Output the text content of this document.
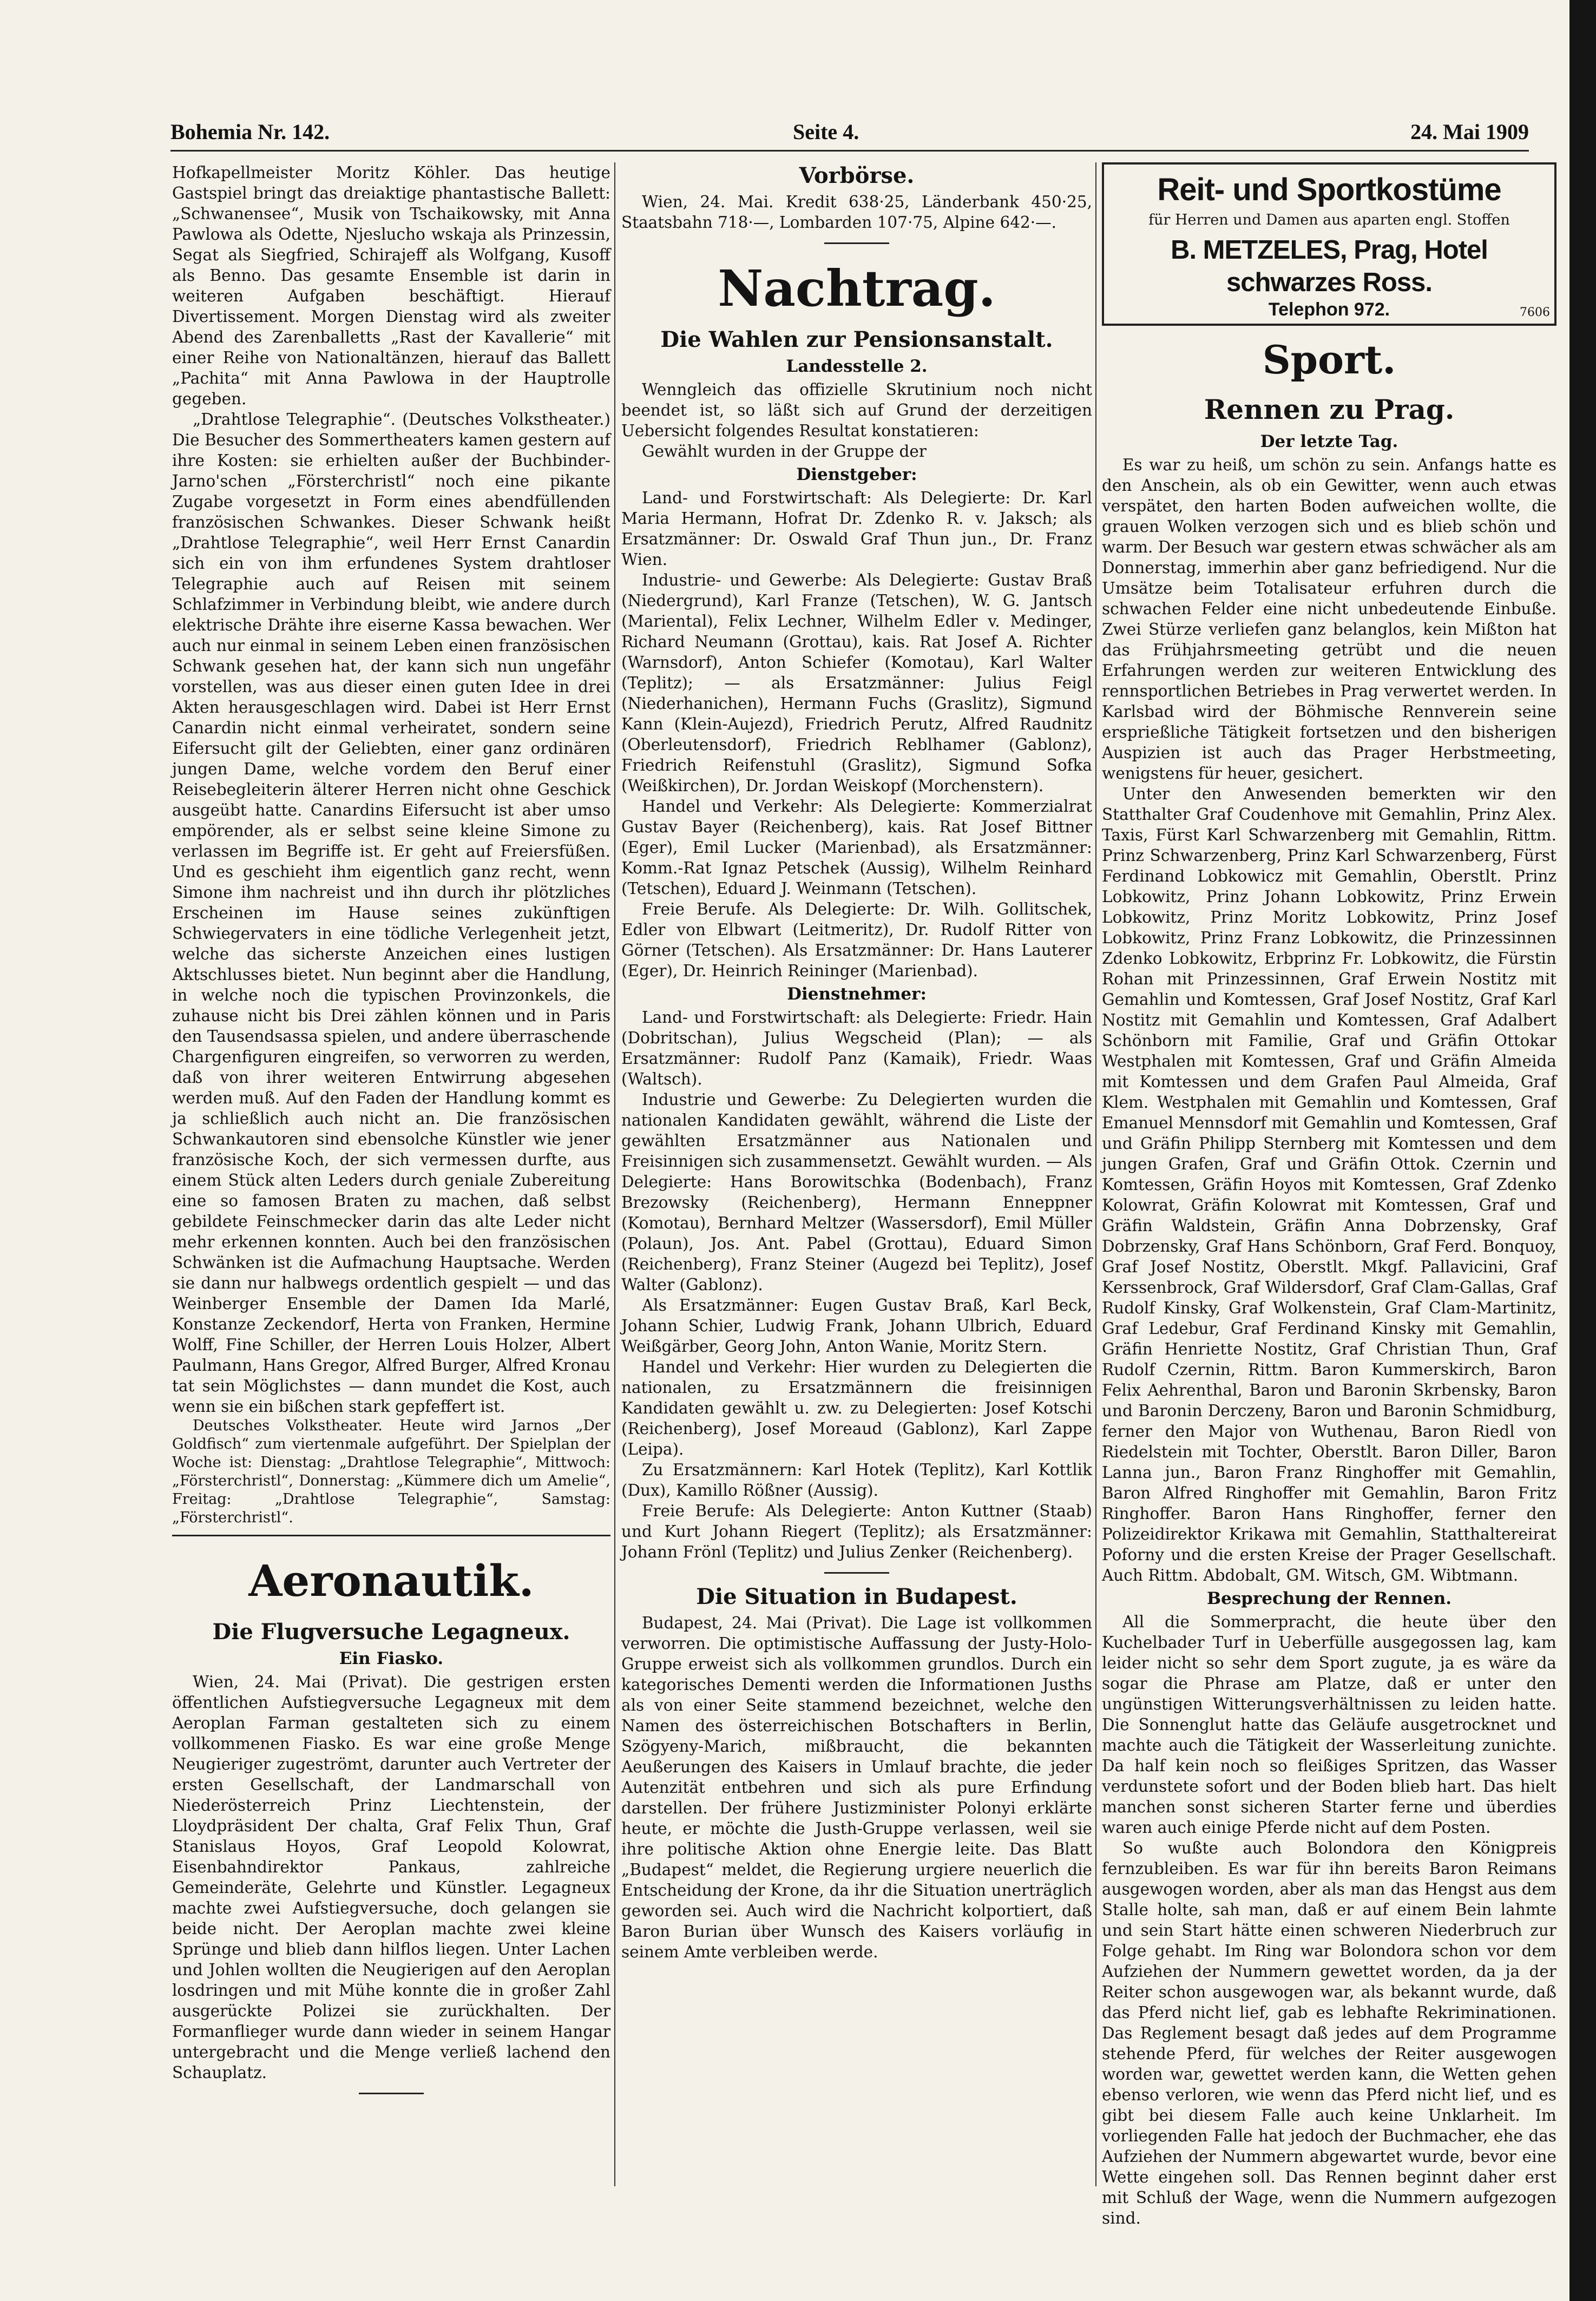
Bohemia Nr. 142.	Seite 4.	24. Mai 1909

Hofkapellmeister Moritz Köhler. Das heutige Gastspiel bringt das dreiaktige phantastische Ballett: „Schwanensee“, Musik von Tschaikowsky, mit Anna Pawlowa als Odette, Njeslucho wskaja als Prinzessin, Segat als Siegfried, Schirajeff als Wolfgang, Kusoff als Benno. Das gesamte Ensemble ist darin in weiteren Aufgaben beschäftigt. Hierauf Divertissement. Morgen Dienstag wird als zweiter Abend des Zarenballetts „Rast der Kavallerie“ mit einer Reihe von Nationaltänzen, hierauf das Ballett „Pachita“ mit Anna Pawlowa in der Hauptrolle gegeben.

„Drahtlose Telegraphie“. (Deutsches Volkstheater.) Die Besucher des Sommertheaters kamen gestern auf ihre Kosten: sie erhielten außer der Buchbinder-Jarno'schen „Försterchristl“ noch eine pikante Zugabe vorgesetzt in Form eines abendfüllenden französischen Schwankes. Dieser Schwank heißt „Drahtlose Telegraphie“, weil Herr Ernst Canardin sich ein von ihm erfundenes System drahtloser Telegraphie auch auf Reisen mit seinem Schlafzimmer in Verbindung bleibt, wie andere durch elektrische Drähte ihre eiserne Kassa bewachen. Wer auch nur einmal in seinem Leben einen französischen Schwank gesehen hat, der kann sich nun ungefähr vorstellen, was aus dieser einen guten Idee in drei Akten herausgeschlagen wird. Dabei ist Herr Ernst Canardin nicht einmal verheiratet, sondern seine Eifersucht gilt der Geliebten, einer ganz ordinären jungen Dame, welche vordem den Beruf einer Reisebegleiterin älterer Herren nicht ohne Geschick ausgeübt hatte. Canardins Eifersucht ist aber umso empörender, als er selbst seine kleine Simone zu verlassen im Begriffe ist. Er geht auf Freiersfüßen. Und es geschieht ihm eigentlich ganz recht, wenn Simone ihm nachreist und ihn durch ihr plötzliches Erscheinen im Hause seines zukünftigen Schwiegervaters in eine tödliche Verlegenheit jetzt, welche das sicherste Anzeichen eines lustigen Aktschlusses bietet. Nun beginnt aber die Handlung, in welche noch die typischen Provinzonkels, die zuhause nicht bis Drei zählen können und in Paris den Tausendsassa spielen, und andere überraschende Chargenfiguren eingreifen, so verworren zu werden, daß von ihrer weiteren Entwirrung abgesehen werden muß. Auf den Faden der Handlung kommt es ja schließlich auch nicht an. Die französischen Schwankautoren sind ebensolche Künstler wie jener französische Koch, der sich vermessen durfte, aus einem Stück alten Leders durch geniale Zubereitung eine so famosen Braten zu machen, daß selbst gebildete Feinschmecker darin das alte Leder nicht mehr erkennen konnten. Auch bei den französischen Schwänken ist die Aufmachung Hauptsache. Werden sie dann nur halbwegs ordentlich gespielt — und das Weinberger Ensemble der Damen Ida Marlé, Konstanze Zeckendorf, Herta von Franken, Hermine Wolff, Fine Schiller, der Herren Louis Holzer, Albert Paulmann, Hans Gregor, Alfred Burger, Alfred Kronau tat sein Möglichstes — dann mundet die Kost, auch wenn sie ein bißchen stark gepfeffert ist.

Deutsches Volkstheater. Heute wird Jarnos „Der Goldfisch“ zum viertenmale aufgeführt. Der Spielplan der Woche ist: Dienstag: „Drahtlose Telegraphie“, Mittwoch: „Försterchristl“, Donnerstag: „Kümmere dich um Amelie“, Freitag: „Drahtlose Telegraphie“, Samstag: „Försterchristl“.

Aeronautik.
Die Flugversuche Legagneux.
Ein Fiasko.

Wien, 24. Mai (Privat). Die gestrigen ersten öffentlichen Aufstiegversuche Legagneux mit dem Aeroplan Farman gestalteten sich zu einem vollkommenen Fiasko. Es war eine große Menge Neugieriger zugeströmt, darunter auch Vertreter der ersten Gesellschaft, der Landmarschall von Niederösterreich Prinz Liechtenstein, der Lloydpräsident Der chalta, Graf Felix Thun, Graf Stanislaus Hoyos, Graf Leopold Kolowrat, Eisenbahndirektor Pankaus, zahlreiche Gemeinderäte, Gelehrte und Künstler. Legagneux machte zwei Aufstiegversuche, doch gelangen sie beide nicht. Der Aeroplan machte zwei kleine Sprünge und blieb dann hilflos liegen. Unter Lachen und Johlen wollten die Neugierigen auf den Aeroplan losdringen und mit Mühe konnte die in großer Zahl ausgerückte Polizei sie zurückhalten. Der Formanflieger wurde dann wieder in seinem Hangar untergebracht und die Menge verließ lachend den Schauplatz.

Vorbörse.

Wien, 24. Mai. Kredit 638·25, Länderbank 450·25, Staatsbahn 718·—, Lombarden 107·75, Alpine 642·—.

Nachtrag.
Die Wahlen zur Pensionsanstalt.
Landesstelle 2.

Wenngleich das offizielle Skrutinium noch nicht beendet ist, so läßt sich auf Grund der derzeitigen Uebersicht folgendes Resultat konstatieren:

Gewählt wurden in der Gruppe der

Dienstgeber:

Land- und Forstwirtschaft: Als Delegierte: Dr. Karl Maria Hermann, Hofrat Dr. Zdenko R. v. Jaksch; als Ersatzmänner: Dr. Oswald Graf Thun jun., Dr. Franz Wien.

Industrie- und Gewerbe: Als Delegierte: Gustav Braß (Niedergrund), Karl Franze (Tetschen), W. G. Jantsch (Mariental), Felix Lechner, Wilhelm Edler v. Medinger, Richard Neumann (Grottau), kais. Rat Josef A. Richter (Warnsdorf), Anton Schiefer (Komotau), Karl Walter (Teplitz); — als Ersatzmänner: Julius Feigl (Niederhanichen), Hermann Fuchs (Graslitz), Sigmund Kann (Klein-Aujezd), Friedrich Perutz, Alfred Raudnitz (Oberleutensdorf), Friedrich Reblhamer (Gablonz), Friedrich Reifenstuhl (Graslitz), Sigmund Sofka (Weißkirchen), Dr. Jordan Weiskopf (Morchenstern).

Handel und Verkehr: Als Delegierte: Kommerzialrat Gustav Bayer (Reichenberg), kais. Rat Josef Bittner (Eger), Emil Lucker (Marienbad), als Ersatzmänner: Komm.-Rat Ignaz Petschek (Aussig), Wilhelm Reinhard (Tetschen), Eduard J. Weinmann (Tetschen).

Freie Berufe. Als Delegierte: Dr. Wilh. Gollitschek, Edler von Elbwart (Leitmeritz), Dr. Rudolf Ritter von Görner (Tetschen). Als Ersatzmänner: Dr. Hans Lauterer (Eger), Dr. Heinrich Reininger (Marienbad).

Dienstnehmer:

Land- und Forstwirtschaft: als Delegierte: Friedr. Hain (Dobritschan), Julius Wegscheid (Plan); — als Ersatzmänner: Rudolf Panz (Kamaik), Friedr. Waas (Waltsch).

Industrie und Gewerbe: Zu Delegierten wurden die nationalen Kandidaten gewählt, während die Liste der gewählten Ersatzmänner aus Nationalen und Freisinnigen sich zusammensetzt. Gewählt wurden. — Als Delegierte: Hans Borowitschka (Bodenbach), Franz Brezowsky (Reichenberg), Hermann Enneppner (Komotau), Bernhard Meltzer (Wassersdorf), Emil Müller (Polaun), Jos. Ant. Pabel (Grottau), Eduard Simon (Reichenberg), Franz Steiner (Augezd bei Teplitz), Josef Walter (Gablonz).

Als Ersatzmänner: Eugen Gustav Braß, Karl Beck, Johann Schier, Ludwig Frank, Johann Ulbrich, Eduard Weißgärber, Georg John, Anton Wanie, Moritz Stern.

Handel und Verkehr: Hier wurden zu Delegierten die nationalen, zu Ersatzmännern die freisinnigen Kandidaten gewählt u. zw. zu Delegierten: Josef Kotschi (Reichenberg), Josef Moreaud (Gablonz), Karl Zappe (Leipa).

Zu Ersatzmännern: Karl Hotek (Teplitz), Karl Kottlik (Dux), Kamillo Rößner (Aussig).

Freie Berufe: Als Delegierte: Anton Kuttner (Staab) und Kurt Johann Riegert (Teplitz); als Ersatzmänner: Johann Frönl (Teplitz) und Julius Zenker (Reichenberg).

Die Situation in Budapest.

Budapest, 24. Mai (Privat). Die Lage ist vollkommen verworren. Die optimistische Auffassung der Justy-Holo-Gruppe erweist sich als vollkommen grundlos. Durch ein kategorisches Dementi werden die Informationen Jusths als von einer Seite stammend bezeichnet, welche den Namen des österreichischen Botschafters in Berlin, Szögyeny-Marich, mißbraucht, die bekannten Aeußerungen des Kaisers in Umlauf brachte, die jeder Autenzität entbehren und sich als pure Erfindung darstellen. Der frühere Justizminister Polonyi erklärte heute, er möchte die Justh-Gruppe verlassen, weil sie ihre politische Aktion ohne Energie leite. Das Blatt „Budapest“ meldet, die Regierung urgiere neuerlich die Entscheidung der Krone, da ihr die Situation unerträglich geworden sei. Auch wird die Nachricht kolportiert, daß Baron Burian über Wunsch des Kaisers vorläufig in seinem Amte verbleiben werde.

Reit- und Sportkostüme
für Herren und Damen aus aparten engl. Stoffen
B. METZELES, Prag, Hotel schwarzes Ross.
Telephon 972.	7606
Sport.
Rennen zu Prag.
Der letzte Tag.

Es war zu heiß, um schön zu sein. Anfangs hatte es den Anschein, als ob ein Gewitter, wenn auch etwas verspätet, den harten Boden aufweichen wollte, die grauen Wolken verzogen sich und es blieb schön und warm. Der Besuch war gestern etwas schwächer als am Donnerstag, immerhin aber ganz befriedigend. Nur die Umsätze beim Totalisateur erfuhren durch die schwachen Felder eine nicht unbedeutende Einbuße. Zwei Stürze verliefen ganz belanglos, kein Mißton hat das Frühjahrsmeeting getrübt und die neuen Erfahrungen werden zur weiteren Entwicklung des rennsportlichen Betriebes in Prag verwertet werden. In Karlsbad wird der Böhmische Rennverein seine ersprießliche Tätigkeit fortsetzen und den bisherigen Auspizien ist auch das Prager Herbstmeeting, wenigstens für heuer, gesichert.

Unter den Anwesenden bemerkten wir den Statthalter Graf Coudenhove mit Gemahlin, Prinz Alex. Taxis, Fürst Karl Schwarzenberg mit Gemahlin, Rittm. Prinz Schwarzenberg, Prinz Karl Schwarzenberg, Fürst Ferdinand Lobkowicz mit Gemahlin, Oberstlt. Prinz Lobkowitz, Prinz Johann Lobkowitz, Prinz Erwein Lobkowitz, Prinz Moritz Lobkowitz, Prinz Josef Lobkowitz, Prinz Franz Lobkowitz, die Prinzessinnen Zdenko Lobkowitz, Erbprinz Fr. Lobkowitz, die Fürstin Rohan mit Prinzessinnen, Graf Erwein Nostitz mit Gemahlin und Komtessen, Graf Josef Nostitz, Graf Karl Nostitz mit Gemahlin und Komtessen, Graf Adalbert Schönborn mit Familie, Graf und Gräfin Ottokar Westphalen mit Komtessen, Graf und Gräfin Almeida mit Komtessen und dem Grafen Paul Almeida, Graf Klem. Westphalen mit Gemahlin und Komtessen, Graf Emanuel Mennsdorf mit Gemahlin und Komtessen, Graf und Gräfin Philipp Sternberg mit Komtessen und dem jungen Grafen, Graf und Gräfin Ottok. Czernin und Komtessen, Gräfin Hoyos mit Komtessen, Graf Zdenko Kolowrat, Gräfin Kolowrat mit Komtessen, Graf und Gräfin Waldstein, Gräfin Anna Dobrzensky, Graf Dobrzensky, Graf Hans Schönborn, Graf Ferd. Bonquoy, Graf Josef Nostitz, Oberstlt. Mkgf. Pallavicini, Graf Kerssenbrock, Graf Wildersdorf, Graf Clam-Gallas, Graf Rudolf Kinsky, Graf Wolkenstein, Graf Clam-Martinitz, Graf Ledebur, Graf Ferdinand Kinsky mit Gemahlin, Gräfin Henriette Nostitz, Graf Christian Thun, Graf Rudolf Czernin, Rittm. Baron Kummerskirch, Baron Felix Aehrenthal, Baron und Baronin Skrbensky, Baron und Baronin Derczeny, Baron und Baronin Schmidburg, ferner den Major von Wuthenau, Baron Riedl von Riedelstein mit Tochter, Oberstlt. Baron Diller, Baron Lanna jun., Baron Franz Ringhoffer mit Gemahlin, Baron Alfred Ringhoffer mit Gemahlin, Baron Fritz Ringhoffer. Baron Hans Ringhoffer, ferner den Polizeidirektor Krikawa mit Gemahlin, Statthaltereirat Poforny und die ersten Kreise der Prager Gesellschaft. Auch Rittm. Abdobalt, GM. Witsch, GM. Wibtmann.

Besprechung der Rennen.

All die Sommerpracht, die heute über den Kuchelbader Turf in Ueberfülle ausgegossen lag, kam leider nicht so sehr dem Sport zugute, ja es wäre da sogar die Phrase am Platze, daß er unter den ungünstigen Witterungsverhältnissen zu leiden hatte. Die Sonnenglut hatte das Geläufe ausgetrocknet und machte auch die Tätigkeit der Wasserleitung zunichte. Da half kein noch so fleißiges Spritzen, das Wasser verdunstete sofort und der Boden blieb hart. Das hielt manchen sonst sicheren Starter ferne und überdies waren auch einige Pferde nicht auf dem Posten.

So wußte auch Bolondora den Königpreis fernzubleiben. Es war für ihn bereits Baron Reimans ausgewogen worden, aber als man das Hengst aus dem Stalle holte, sah man, daß er auf einem Bein lahmte und sein Start hätte einen schweren Niederbruch zur Folge gehabt. Im Ring war Bolondora schon vor dem Aufziehen der Nummern gewettet worden, da ja der Reiter schon ausgewogen war, als bekannt wurde, daß das Pferd nicht lief, gab es lebhafte Rekriminationen. Das Reglement besagt daß jedes auf dem Programme stehende Pferd, für welches der Reiter ausgewogen worden war, gewettet werden kann, die Wetten gehen ebenso verloren, wie wenn das Pferd nicht lief, und es gibt bei diesem Falle auch keine Unklarheit. Im vorliegenden Falle hat jedoch der Buchmacher, ehe das Aufziehen der Nummern abgewartet wurde, bevor eine Wette eingehen soll. Das Rennen beginnt daher erst mit Schluß der Wage, wenn die Nummern aufgezogen sind.
